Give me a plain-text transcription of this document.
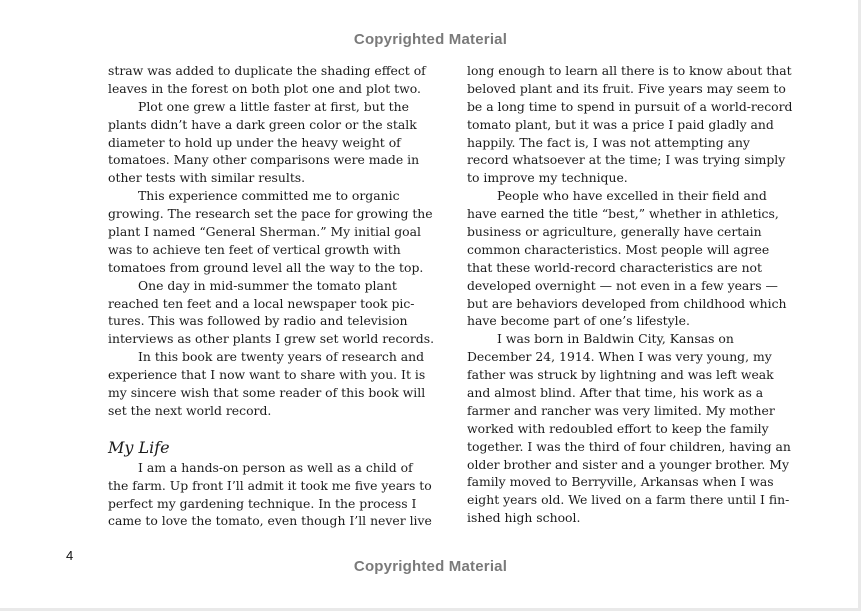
Copyrighted Material
straw was added to duplicate the shading effect of
leaves in the forest on both plot one and plot two.
Plot one grew a little faster at first, but the
plants didn’t have a dark green color or the stalk
diameter to hold up under the heavy weight of
tomatoes. Many other comparisons were made in
other tests with similar results.
This experience committed me to organic
growing. The research set the pace for growing the
plant I named “General Sherman.” My initial goal
was to achieve ten feet of vertical growth with
tomatoes from ground level all the way to the top.
One day in mid-summer the tomato plant
reached ten feet and a local newspaper took pic-
tures. This was followed by radio and television
interviews as other plants I grew set world records.
In this book are twenty years of research and
experience that I now want to share with you. It is
my sincere wish that some reader of this book will
set the next world record.
My Life
I am a hands-on person as well as a child of
the farm. Up front I’ll admit it took me five years to
perfect my gardening technique. In the process I
came to love the tomato, even though I’ll never live
long enough to learn all there is to know about that
beloved plant and its fruit. Five years may seem to
be a long time to spend in pursuit of a world-record
tomato plant, but it was a price I paid gladly and
happily. The fact is, I was not attempting any
record whatsoever at the time; I was trying simply
to improve my technique.
People who have excelled in their field and
have earned the title “best,” whether in athletics,
business or agriculture, generally have certain
common characteristics. Most people will agree
that these world-record characteristics are not
developed overnight — not even in a few years —
but are behaviors developed from childhood which
have become part of one’s lifestyle.
I was born in Baldwin City, Kansas on
December 24, 1914. When I was very young, my
father was struck by lightning and was left weak
and almost blind. After that time, his work as a
farmer and rancher was very limited. My mother
worked with redoubled effort to keep the family
together. I was the third of four children, having an
older brother and sister and a younger brother. My
family moved to Berryville, Arkansas when I was
eight years old. We lived on a farm there until I fin-
ished high school.
4
Copyrighted Material
